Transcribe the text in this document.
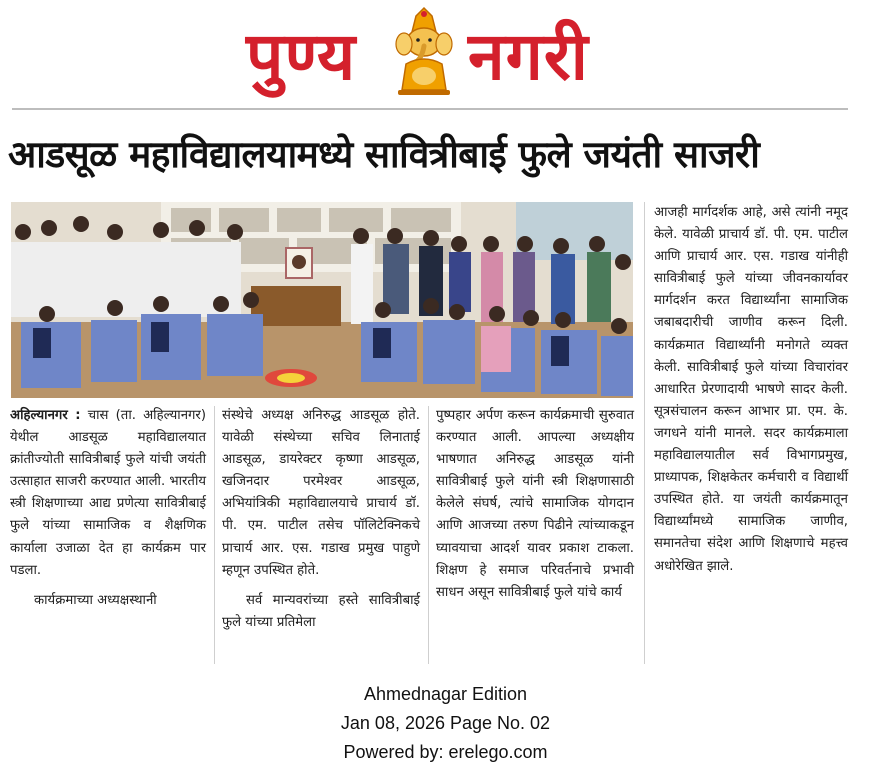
पुण्य नगरी
आडसूळ महाविद्यालयामध्ये सावित्रीबाई फुले जयंती साजरी

अहिल्यानगर : चास (ता. अहिल्यानगर) येथील आडसूळ महाविद्यालयात क्रांतीज्योती सावित्रीबाई फुले यांची जयंती उत्साहात साजरी करण्यात आली. भारतीय स्त्री शिक्षणाच्या आद्य प्रणेत्या सावित्रीबाई फुले यांच्या सामाजिक व शैक्षणिक कार्याला उजाळा देत हा कार्यक्रम पार पडला.

कार्यक्रमाच्या अध्यक्षस्थानी

संस्थेचे अध्यक्ष अनिरुद्ध आडसूळ होते. यावेळी संस्थेच्या सचिव लिनाताई आडसूळ, डायरेक्टर कृष्णा आडसूळ, खजिनदार परमेश्वर आडसूळ, अभियांत्रिकी महाविद्यालयाचे प्राचार्य डॉ. पी. एम. पाटील तसेच पॉलिटेक्निकचे प्राचार्य आर. एस. गडाख प्रमुख पाहुणे म्हणून उपस्थित होते.

सर्व मान्यवरांच्या हस्ते सावित्रीबाई फुले यांच्या प्रतिमेला

पुष्पहार अर्पण करून कार्यक्रमाची सुरुवात करण्यात आली. आपल्या अध्यक्षीय भाषणात अनिरुद्ध आडसूळ यांनी सावित्रीबाई फुले यांनी स्त्री शिक्षणासाठी केलेले संघर्ष, त्यांचे सामाजिक योगदान आणि आजच्या तरुण पिढीने त्यांच्याकडून घ्यावयाचा आदर्श यावर प्रकाश टाकला. शिक्षण हे समाज परिवर्तनाचे प्रभावी साधन असून सावित्रीबाई फुले यांचे कार्य

आजही मार्गदर्शक आहे, असे त्यांनी नमूद केले. यावेळी प्राचार्य डॉ. पी. एम. पाटील आणि प्राचार्य आर. एस. गडाख यांनीही सावित्रीबाई फुले यांच्या जीवनकार्यावर मार्गदर्शन करत विद्यार्थ्यांना सामाजिक जबाबदारीची जाणीव करून दिली. कार्यक्रमात विद्यार्थ्यांनी मनोगते व्यक्त केली. सावित्रीबाई फुले यांच्या विचारांवर आधारित प्रेरणादायी भाषणे सादर केली. सूत्रसंचालन करून आभार प्रा. एम. के. जगधने यांनी मानले. सदर कार्यक्रमाला महाविद्यालयातील सर्व विभागप्रमुख, प्राध्यापक, शिक्षकेतर कर्मचारी व विद्यार्थी उपस्थित होते. या जयंती कार्यक्रमातून विद्यार्थ्यांमध्ये सामाजिक जाणीव, समानतेचा संदेश आणि शिक्षणाचे महत्त्व अधोरेखित झाले.

Ahmednagar Edition
Jan 08, 2026 Page No. 02
Powered by: erelego.com
